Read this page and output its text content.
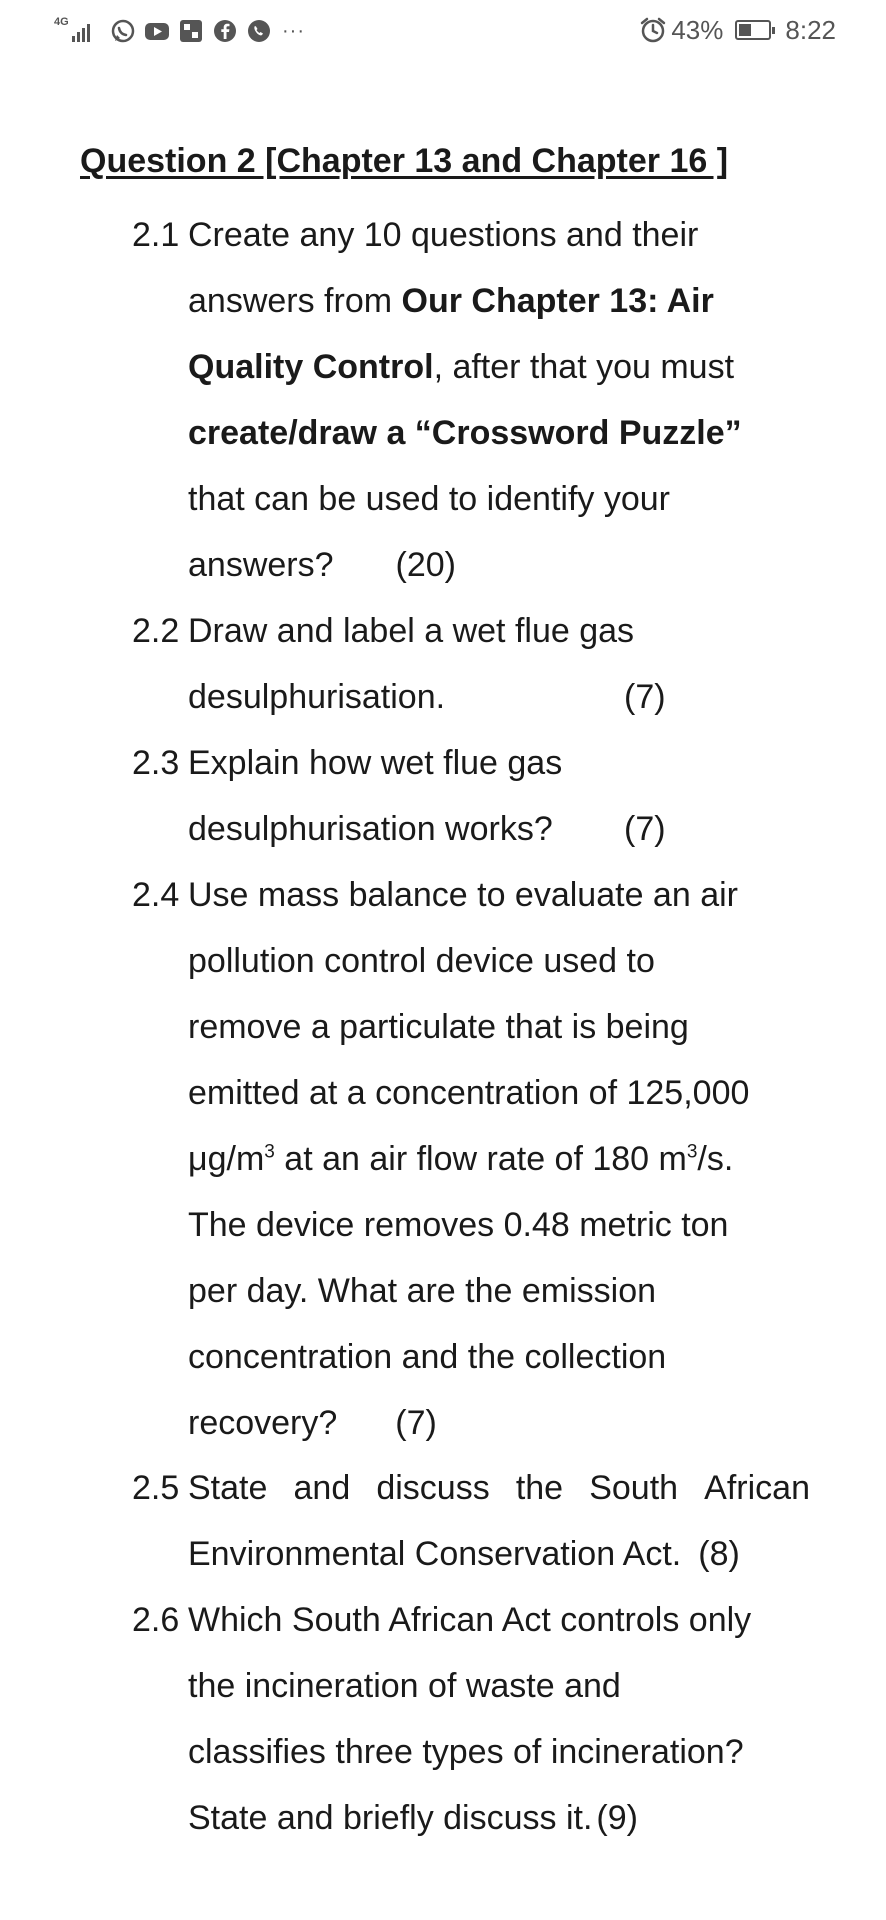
4G	···	43% 8:22
Question 2 [Chapter 13 and Chapter 16 ]
2.1 Create any 10 questions and their

answers from Our Chapter 13: Air

Quality Control, after that you must

create/draw a “Crossword Puzzle”

that can be used to identify your

answers? (20)

2.2 Draw and label a wet flue gas

desulphurisation.	(7)

2.3 Explain how wet flue gas

desulphurisation works? (7)

2.4 Use mass balance to evaluate an air

pollution control device used to

remove a particulate that is being

emitted at a concentration of 125,000

$\mu g/m^3$ at an air flow rate of 180 $m^3/s$.

The device removes 0.48 metric ton

per day. What are the emission

concentration and the collection

recovery? (7)

2.5 State and discuss the South African

Environmental Conservation Act. (8)

2.6 Which South African Act controls only

the incineration of waste and

classifies three types of incineration?

State and briefly discuss it. (9)
